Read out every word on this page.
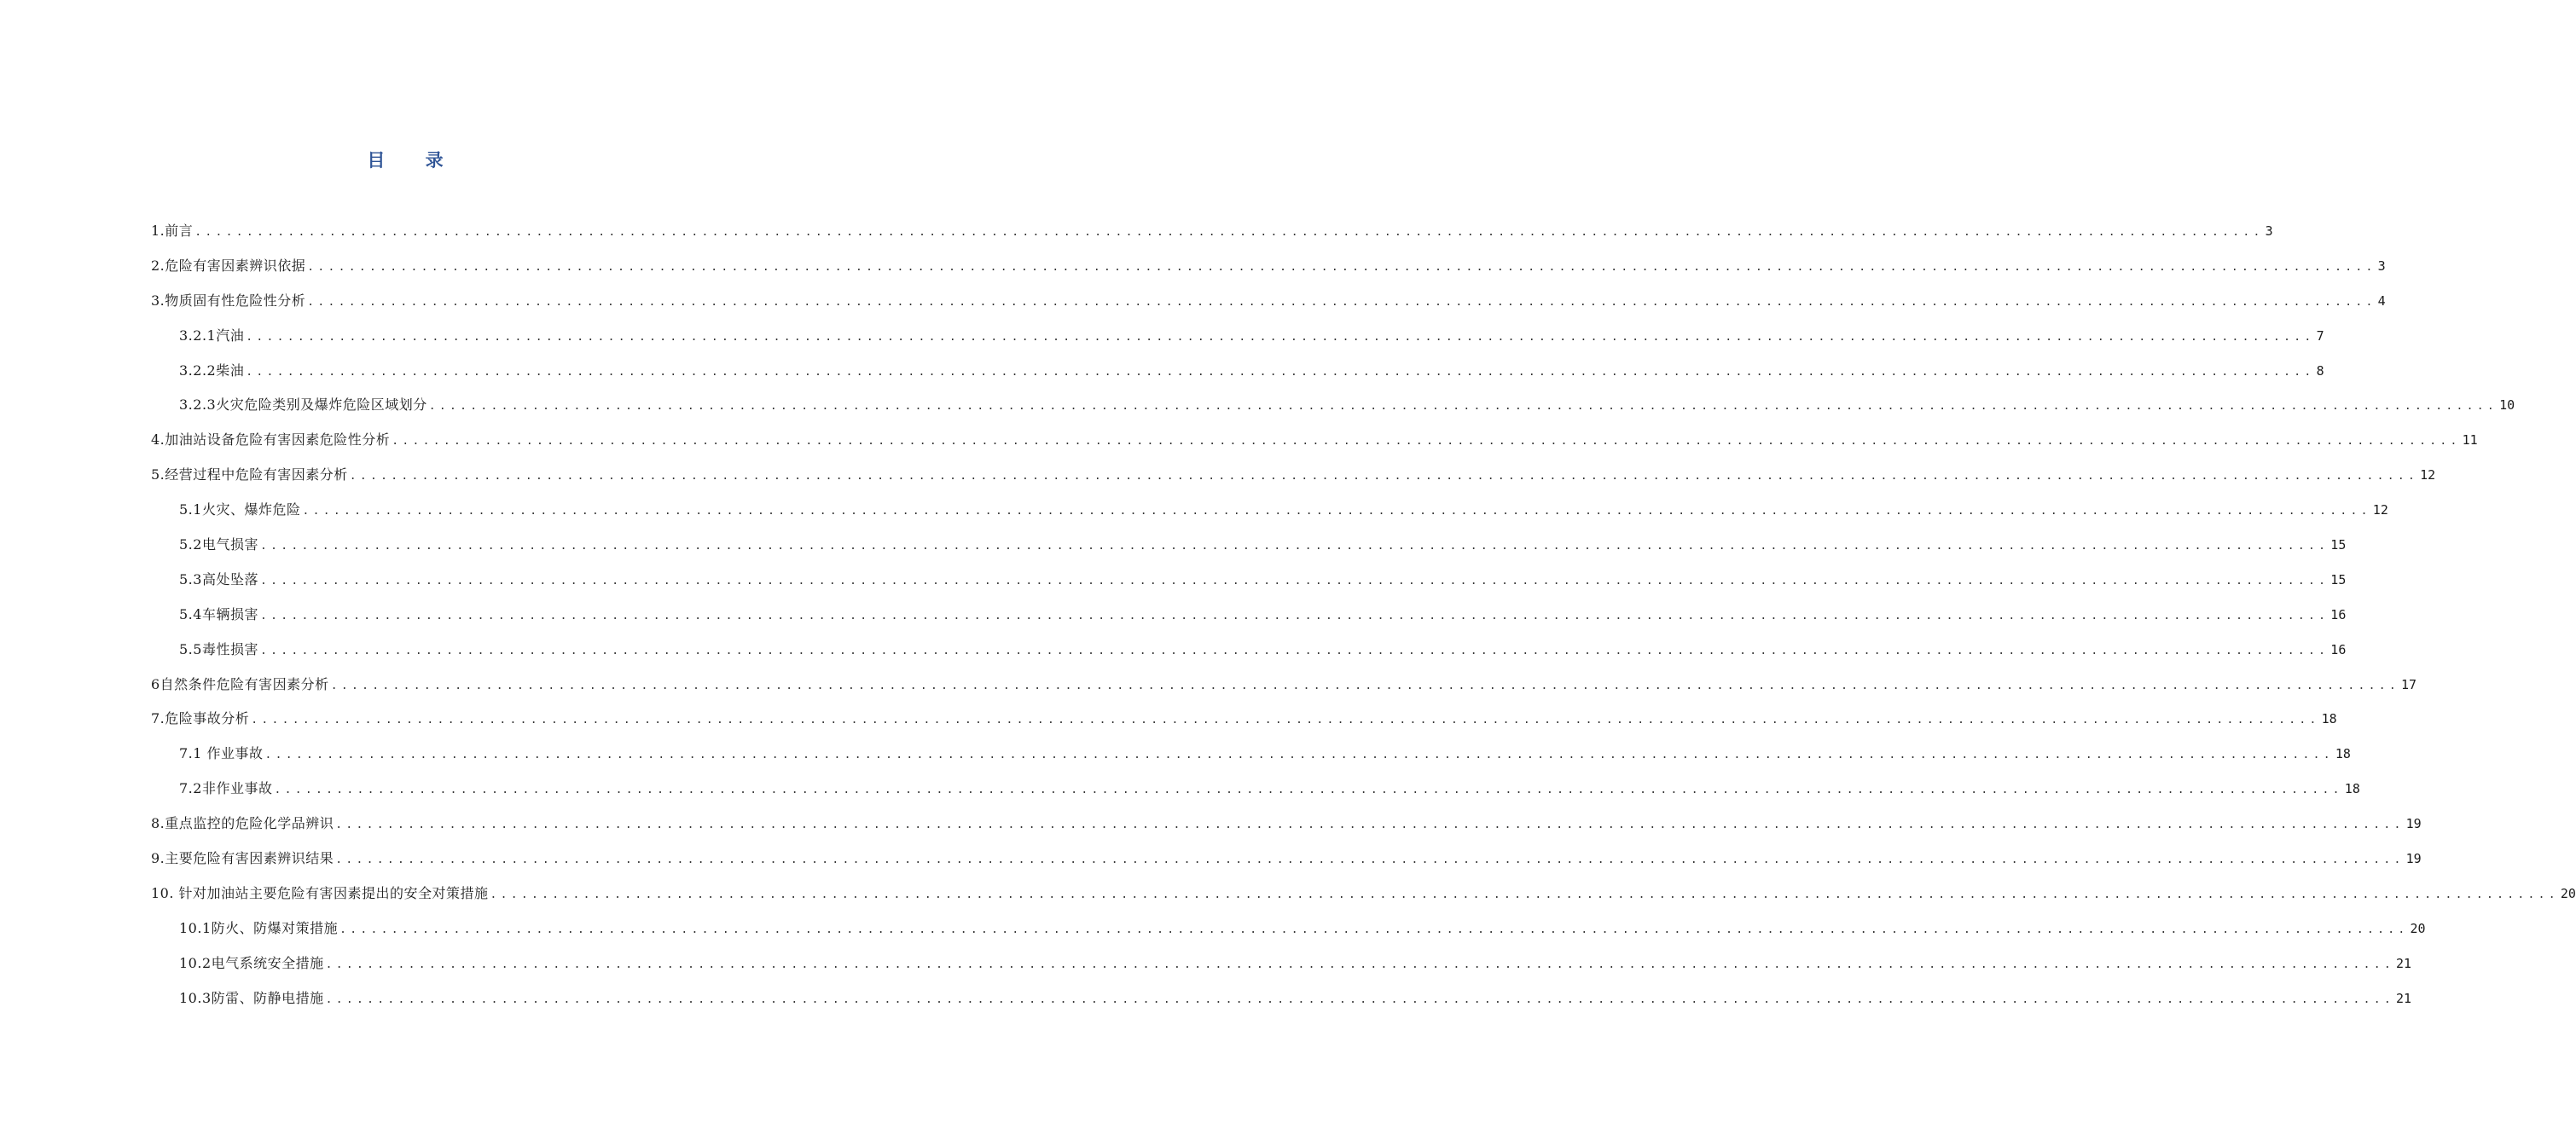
目 录
1.前言 ........................................................................................................................................................................................................ 3
2.危险有害因素辨识依据 ........................................................................................................................................................................................................ 3
3.物质固有性危险性分析 ........................................................................................................................................................................................................ 4
3.2.1汽油 ........................................................................................................................................................................................................ 7
3.2.2柴油 ........................................................................................................................................................................................................ 8
3.2.3火灾危险类别及爆炸危险区域划分 ........................................................................................................................................................................................................ 10
4.加油站设备危险有害因素危险性分析 ........................................................................................................................................................................................................ 11
5.经营过程中危险有害因素分析 ........................................................................................................................................................................................................ 12
5.1火灾、爆炸危险 ........................................................................................................................................................................................................ 12
5.2电气损害 ........................................................................................................................................................................................................ 15
5.3高处坠落 ........................................................................................................................................................................................................ 15
5.4车辆损害 ........................................................................................................................................................................................................ 16
5.5毒性损害 ........................................................................................................................................................................................................ 16
6自然条件危险有害因素分析 ........................................................................................................................................................................................................ 17
7.危险事故分析 ........................................................................................................................................................................................................ 18
7.1 作业事故 ........................................................................................................................................................................................................ 18
7.2非作业事故 ........................................................................................................................................................................................................ 18
8.重点监控的危险化学品辨识 ........................................................................................................................................................................................................ 19
9.主要危险有害因素辨识结果 ........................................................................................................................................................................................................ 19
10. 针对加油站主要危险有害因素提出的安全对策措施 ........................................................................................................................................................................................................ 20
10.1防火、防爆对策措施 ........................................................................................................................................................................................................ 20
10.2电气系统安全措施 ........................................................................................................................................................................................................ 21
10.3防雷、防静电措施 ........................................................................................................................................................................................................ 21
